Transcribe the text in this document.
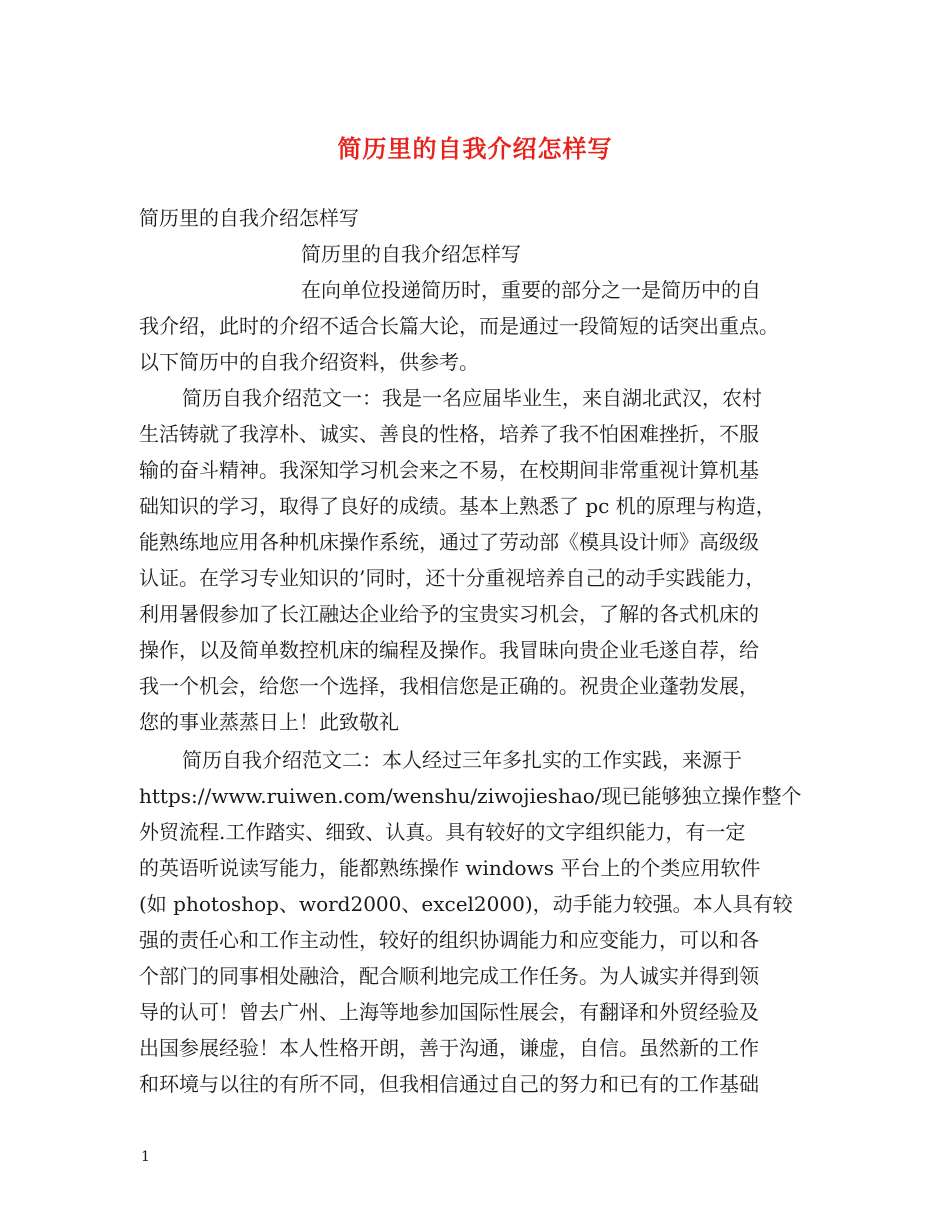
简历里的自我介绍怎样写
简历里的自我介绍怎样写
简历里的自我介绍怎样写
在向单位投递简历时，重要的部分之一是简历中的自
我介绍，此时的介绍不适合长篇大论，而是通过一段简短的话突出重点。
以下简历中的自我介绍资料，供参考。
简历自我介绍范文一：我是一名应届毕业生，来自湖北武汉，农村
生活铸就了我淳朴、诚实、善良的性格，培养了我不怕困难挫折，不服
输的奋斗精神。我深知学习机会来之不易，在校期间非常重视计算机基
础知识的学习，取得了良好的成绩。基本上熟悉了 pc 机的原理与构造，
能熟练地应用各种机床操作系统，通过了劳动部《模具设计师》高级级
认证。在学习专业知识的’同时，还十分重视培养自己的动手实践能力，
利用暑假参加了长江融达企业给予的宝贵实习机会，了解的各式机床的
操作，以及简单数控机床的编程及操作。我冒昧向贵企业毛遂自荐，给
我一个机会，给您一个选择，我相信您是正确的。祝贵企业蓬勃发展，
您的事业蒸蒸日上！此致敬礼
简历自我介绍范文二：本人经过三年多扎实的工作实践，来源于
https://www.ruiwen.com/wenshu/ziwojieshao/现已能够独立操作整个
外贸流程.工作踏实、细致、认真。具有较好的文字组织能力，有一定
的英语听说读写能力，能都熟练操作 windows 平台上的个类应用软件
(如 photoshop、word2000、excel2000)，动手能力较强。本人具有较
强的责任心和工作主动性，较好的组织协调能力和应变能力，可以和各
个部门的同事相处融洽，配合顺利地完成工作任务。为人诚实并得到领
导的认可！曾去广州、上海等地参加国际性展会，有翻译和外贸经验及
出国参展经验！本人性格开朗，善于沟通，谦虚，自信。虽然新的工作
和环境与以往的有所不同，但我相信通过自己的努力和已有的工作基础
1
